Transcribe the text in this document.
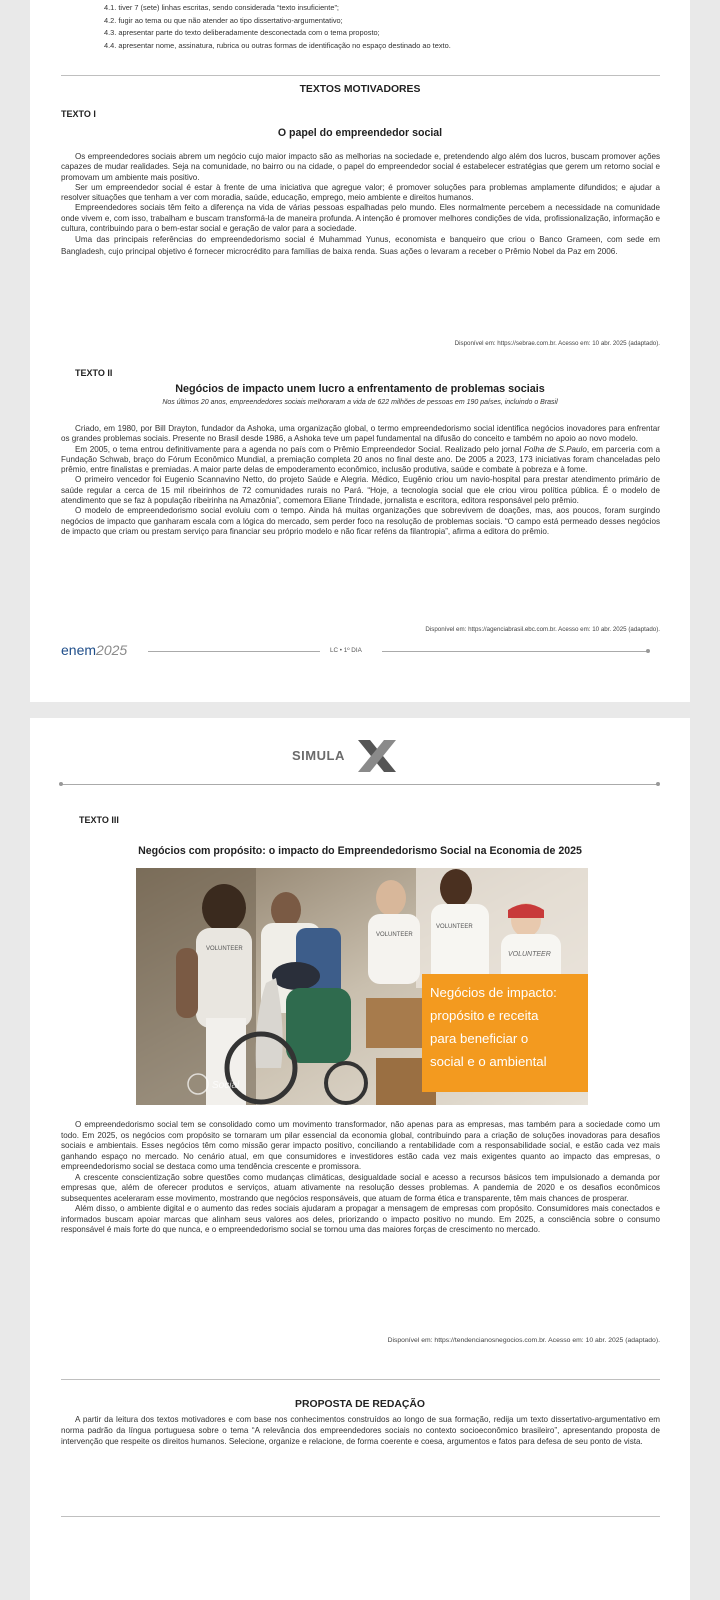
4.1. tiver 7 (sete) linhas escritas, sendo considerada “texto insuficiente”;
4.2. fugir ao tema ou que não atender ao tipo dissertativo-argumentativo;
4.3. apresentar parte do texto deliberadamente desconectada com o tema proposto;
4.4. apresentar nome, assinatura, rubrica ou outras formas de identificação no espaço destinado ao texto.
TEXTOS MOTIVADORES
TEXTO I
O papel do empreendedor social

Os empreendedores sociais abrem um negócio cujo maior impacto são as melhorias na sociedade e, pretendendo algo além dos lucros, buscam promover ações capazes de mudar realidades. Seja na comunidade, no bairro ou na cidade, o papel do empreendedor social é estabelecer estratégias que gerem um retorno social e promovam um ambiente mais positivo.

Ser um empreendedor social é estar à frente de uma iniciativa que agregue valor; é promover soluções para problemas amplamente difundidos; e ajudar a resolver situações que tenham a ver com moradia, saúde, educação, emprego, meio ambiente e direitos humanos.

Empreendedores sociais têm feito a diferença na vida de várias pessoas espalhadas pelo mundo. Eles normalmente percebem a necessidade na comunidade onde vivem e, com isso, trabalham e buscam transformá-la de maneira profunda. A intenção é promover melhores condições de vida, profissionalização, informação e cultura, contribuindo para o bem-estar social e geração de valor para a sociedade.

Uma das principais referências do empreendedorismo social é Muhammad Yunus, economista e banqueiro que criou o Banco Grameen, com sede em Bangladesh, cujo principal objetivo é fornecer microcrédito para famílias de baixa renda. Suas ações o levaram a receber o Prêmio Nobel da Paz em 2006.

Disponível em: https://sebrae.com.br. Acesso em: 10 abr. 2025 (adaptado).
TEXTO II
Negócios de impacto unem lucro a enfrentamento de problemas sociais
Nos últimos 20 anos, empreendedores sociais melhoraram a vida de 622 milhões de pessoas em 190 países, incluindo o Brasil

Criado, em 1980, por Bill Drayton, fundador da Ashoka, uma organização global, o termo empreendedorismo social identifica negócios inovadores para enfrentar os grandes problemas sociais. Presente no Brasil desde 1986, a Ashoka teve um papel fundamental na difusão do conceito e também no apoio ao novo modelo.

Em 2005, o tema entrou definitivamente para a agenda no país com o Prêmio Empreendedor Social. Realizado pelo jornal Folha de S.Paulo, em parceria com a Fundação Schwab, braço do Fórum Econômico Mundial, a premiação completa 20 anos no final deste ano. De 2005 a 2023, 173 iniciativas foram chanceladas pelo prêmio, entre finalistas e premiadas. A maior parte delas de empoderamento econômico, inclusão produtiva, saúde e combate à pobreza e à fome.

O primeiro vencedor foi Eugenio Scannavino Netto, do projeto Saúde e Alegria. Médico, Eugênio criou um navio-hospital para prestar atendimento primário de saúde regular a cerca de 15 mil ribeirinhos de 72 comunidades rurais no Pará. “Hoje, a tecnologia social que ele criou virou política pública. É o modelo de atendimento que se faz à população ribeirinha na Amazônia”, comemora Eliane Trindade, jornalista e escritora, editora responsável pelo prêmio.

O modelo de empreendedorismo social evoluiu com o tempo. Ainda há muitas organizações que sobrevivem de doações, mas, aos poucos, foram surgindo negócios de impacto que ganharam escala com a lógica do mercado, sem perder foco na resolução de problemas sociais. “O campo está permeado desses negócios de impacto que criam ou prestam serviço para financiar seu próprio modelo e não ficar reféns da filantropia”, afirma a editora do prêmio.

Disponível em: https://agenciabrasil.ebc.com.br. Acesso em: 10 abr. 2025 (adaptado).
enem2025	LC • 1º DIA
SIMULA
TEXTO III
Negócios com propósito: o impacto do Empreendedorismo Social na Economia de 2025
VOLUNTEER
VOLUNTEER
VOLUNTEER
VOLUNTEER
Social
Negócios de impacto:
propósito e receita
para beneficiar o
social e o ambiental

O empreendedorismo social tem se consolidado como um movimento transformador, não apenas para as empresas, mas também para a sociedade como um todo. Em 2025, os negócios com propósito se tornaram um pilar essencial da economia global, contribuindo para a criação de soluções inovadoras para desafios sociais e ambientais. Esses negócios têm como missão gerar impacto positivo, conciliando a rentabilidade com a responsabilidade social, e estão cada vez mais ganhando espaço no mercado. No cenário atual, em que consumidores e investidores estão cada vez mais exigentes quanto ao impacto das empresas, o empreendedorismo social se destaca como uma tendência crescente e promissora.

A crescente conscientização sobre questões como mudanças climáticas, desigualdade social e acesso a recursos básicos tem impulsionado a demanda por empresas que, além de oferecer produtos e serviços, atuam ativamente na resolução desses problemas. A pandemia de 2020 e os desafios econômicos subsequentes aceleraram esse movimento, mostrando que negócios responsáveis, que atuam de forma ética e transparente, têm mais chances de prosperar.

Além disso, o ambiente digital e o aumento das redes sociais ajudaram a propagar a mensagem de empresas com propósito. Consumidores mais conectados e informados buscam apoiar marcas que alinham seus valores aos deles, priorizando o impacto positivo no mundo. Em 2025, a consciência sobre o consumo responsável é mais forte do que nunca, e o empreendedorismo social se tornou uma das maiores forças de crescimento no mercado.

Disponível em: https://tendencianosnegocios.com.br. Acesso em: 10 abr. 2025 (adaptado).
PROPOSTA DE REDAÇÃO

A partir da leitura dos textos motivadores e com base nos conhecimentos construídos ao longo de sua formação, redija um texto dissertativo-argumentativo em norma padrão da língua portuguesa sobre o tema “A relevância dos empreendedores sociais no contexto socioeconômico brasileiro”, apresentando proposta de intervenção que respeite os direitos humanos. Selecione, organize e relacione, de forma coerente e coesa, argumentos e fatos para defesa de seu ponto de vista.
